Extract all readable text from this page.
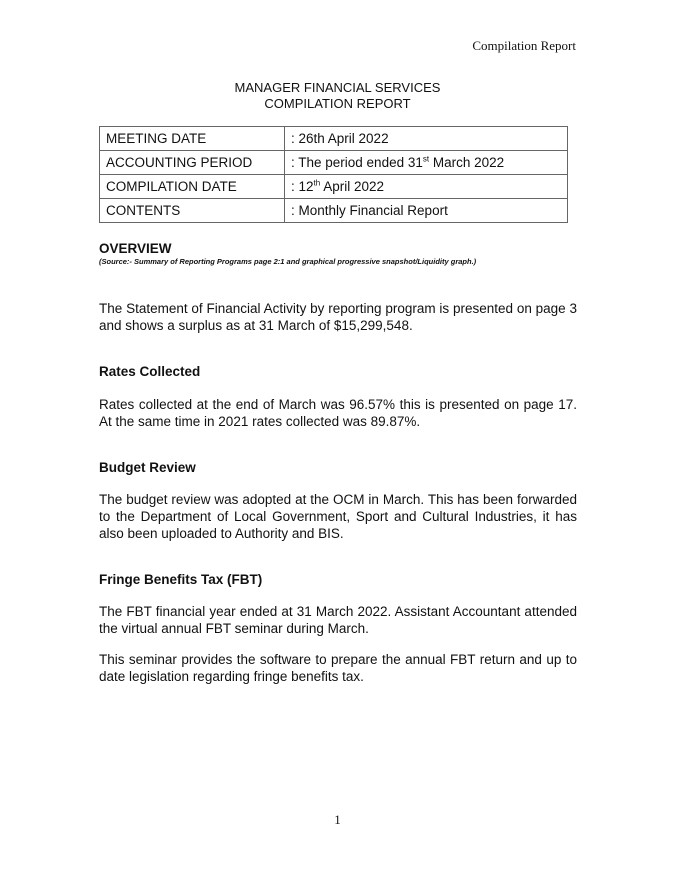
Compilation Report
MANAGER FINANCIAL SERVICES
COMPILATION REPORT
MEETING DATE	: 26th April 2022
ACCOUNTING PERIOD	: The period ended 31st March 2022
COMPILATION DATE	: 12th April 2022
CONTENTS	: Monthly Financial Report
OVERVIEW
(Source:- Summary of Reporting Programs page 2:1 and graphical progressive snapshot/Liquidity graph.)
The Statement of Financial Activity by reporting program is presented on page 3 and shows a surplus as at 31 March of $15,299,548.
Rates Collected
Rates collected at the end of March was 96.57% this is presented on page 17. At the same time in 2021 rates collected was 89.87%.
Budget Review
The budget review was adopted at the OCM in March. This has been forwarded to the Department of Local Government, Sport and Cultural Industries, it has also been uploaded to Authority and BIS.
Fringe Benefits Tax (FBT)
The FBT financial year ended at 31 March 2022. Assistant Accountant attended the virtual annual FBT seminar during March.
This seminar provides the software to prepare the annual FBT return and up to date legislation regarding fringe benefits tax.
1
